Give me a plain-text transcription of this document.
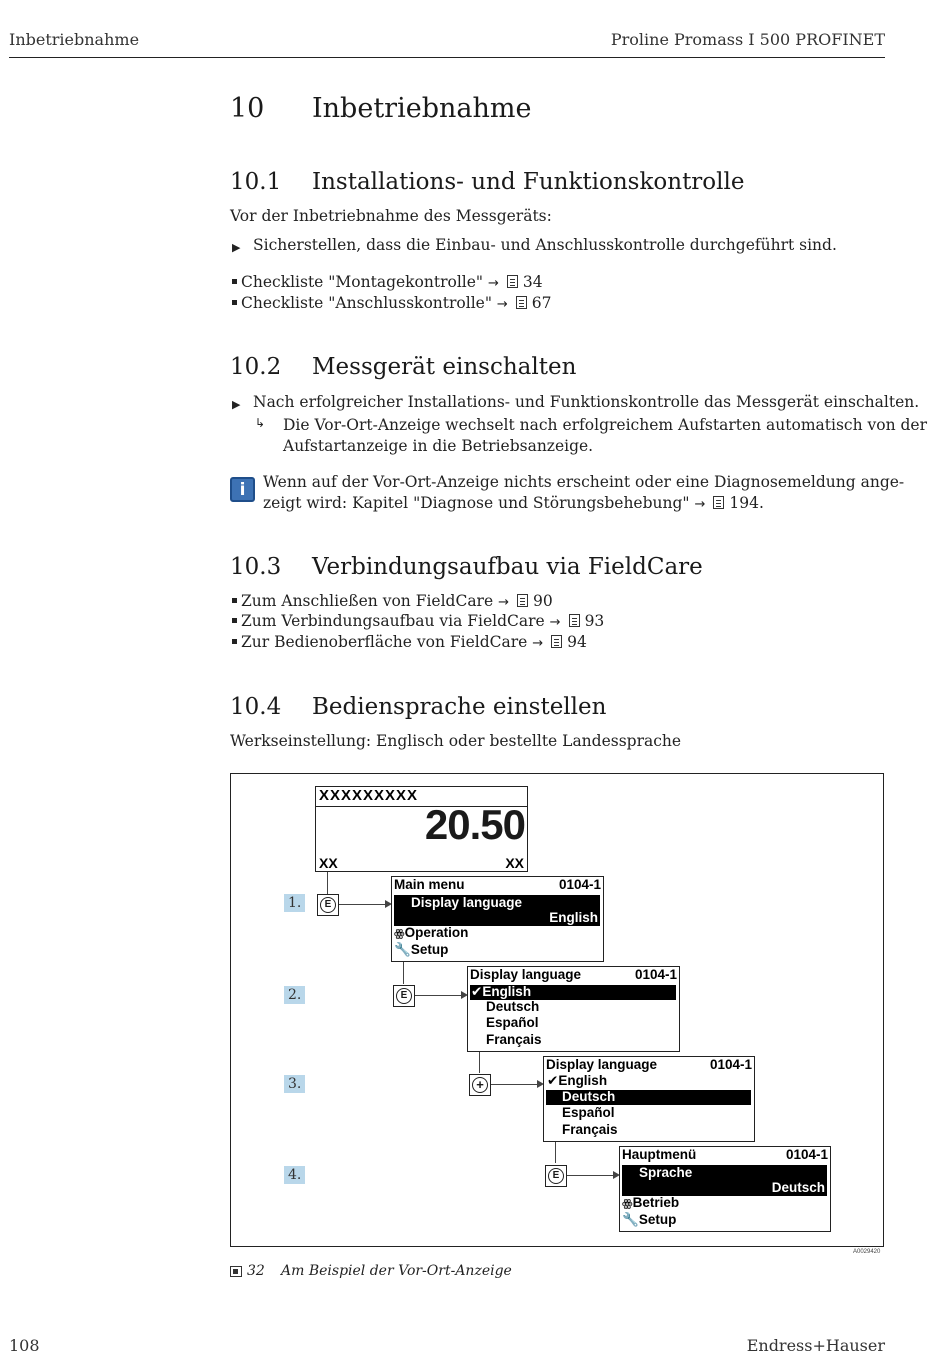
Inbetriebnahme	Proline Promass I 500 PROFINET
10 Inbetriebnahme
10.1 Installations- und Funktionskontrolle
Vor der Inbetriebnahme des Messgeräts:
▶ Sicherstellen, dass die Einbau- und Anschlusskontrolle durchgeführt sind.
Checkliste "Montagekontrolle" → 34
Checkliste "Anschlusskontrolle" → 67
10.2 Messgerät einschalten
▶ Nach erfolgreicher Installations- und Funktionskontrolle das Messgerät einschalten.
↳ Die Vor-Ort-Anzeige wechselt nach erfolgreichem Aufstarten automatisch von der
Aufstartanzeige in die Betriebsanzeige.
i	Wenn auf der Vor-Ort-Anzeige nichts erscheint oder eine Diagnosemeldung ange-
zeigt wird: Kapitel "Diagnose und Störungsbehebung" → 194.
10.3 Verbindungsaufbau via FieldCare
Zum Anschließen von FieldCare → 90
Zum Verbindungsaufbau via FieldCare → 93
Zur Bedienoberfläche von FieldCare → 94
10.4 Bediensprache einstellen
Werkseinstellung: Englisch oder bestellte Landessprache
XXXXXXXXX
20.50
XX	XX
1.
2.
3.
4.
E
E
+
E
Main menu	0104-1
Display language
English
ꙮOperation
🔧Setup
Display language	0104-1
✔English
Deutsch
Español
Français
Display language	0104-1
✔English
Deutsch
Español
Français
Hauptmenü	0104-1
Sprache
Deutsch
ꙮBetrieb
🔧Setup
A0029420
32 Am Beispiel der Vor-Ort-Anzeige
108	Endress+Hauser
